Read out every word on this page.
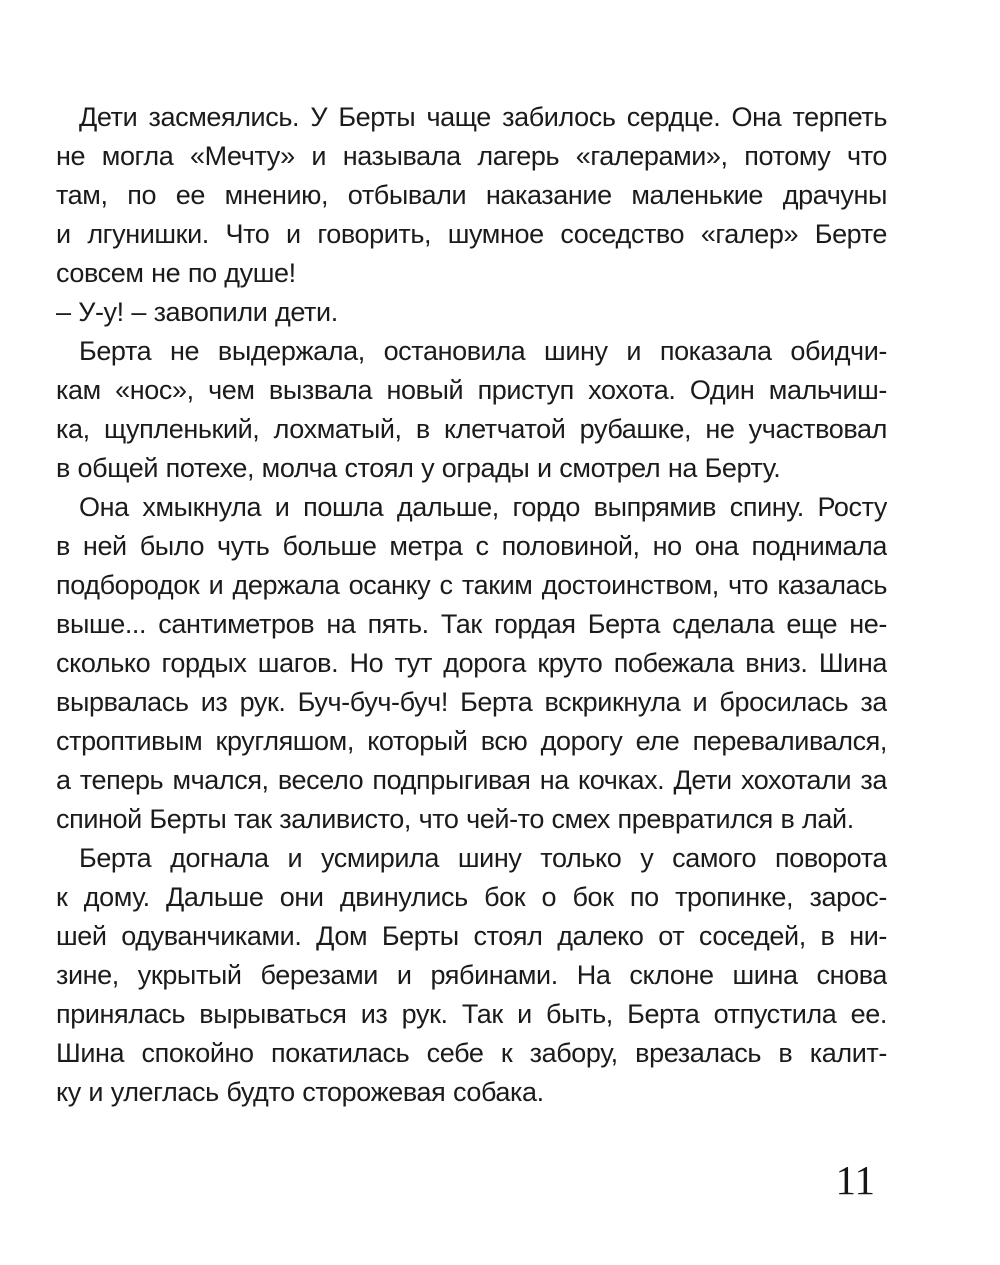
Дети засмеялись. У Берты чаще забилось сердце. Она терпеть
не могла «Мечту» и называла лагерь «галерами», потому что
там, по ее мнению, отбывали наказание маленькие драчуны
и лгунишки. Что и говорить, шумное соседство «галер» Берте
совсем не по душе!
– У-у! – завопили дети.
Берта не выдержала, остановила шину и показала обидчи-
кам «нос», чем вызвала новый приступ хохота. Один мальчиш-
ка, щупленький, лохматый, в клетчатой рубашке, не участвовал
в общей потехе, молча стоял у ограды и смотрел на Берту.
Она хмыкнула и пошла дальше, гордо выпрямив спину. Росту
в ней было чуть больше метра с половиной, но она поднимала
подбородок и держала осанку с таким достоинством, что казалась
выше... сантиметров на пять. Так гордая Берта сделала еще не-
сколько гордых шагов. Но тут дорога круто побежала вниз. Шина
вырвалась из рук. Буч-буч-буч! Берта вскрикнула и бросилась за
строптивым кругляшом, который всю дорогу еле переваливался,
а теперь мчался, весело подпрыгивая на кочках. Дети хохотали за
спиной Берты так заливисто, что чей-то смех превратился в лай.
Берта догнала и усмирила шину только у самого поворота
к дому. Дальше они двинулись бок о бок по тропинке, зарос-
шей одуванчиками. Дом Берты стоял далеко от соседей, в ни-
зине, укрытый березами и рябинами. На склоне шина снова
принялась вырываться из рук. Так и быть, Берта отпустила ее.
Шина спокойно покатилась себе к забору, врезалась в калит-
ку и улеглась будто сторожевая собака.
11
